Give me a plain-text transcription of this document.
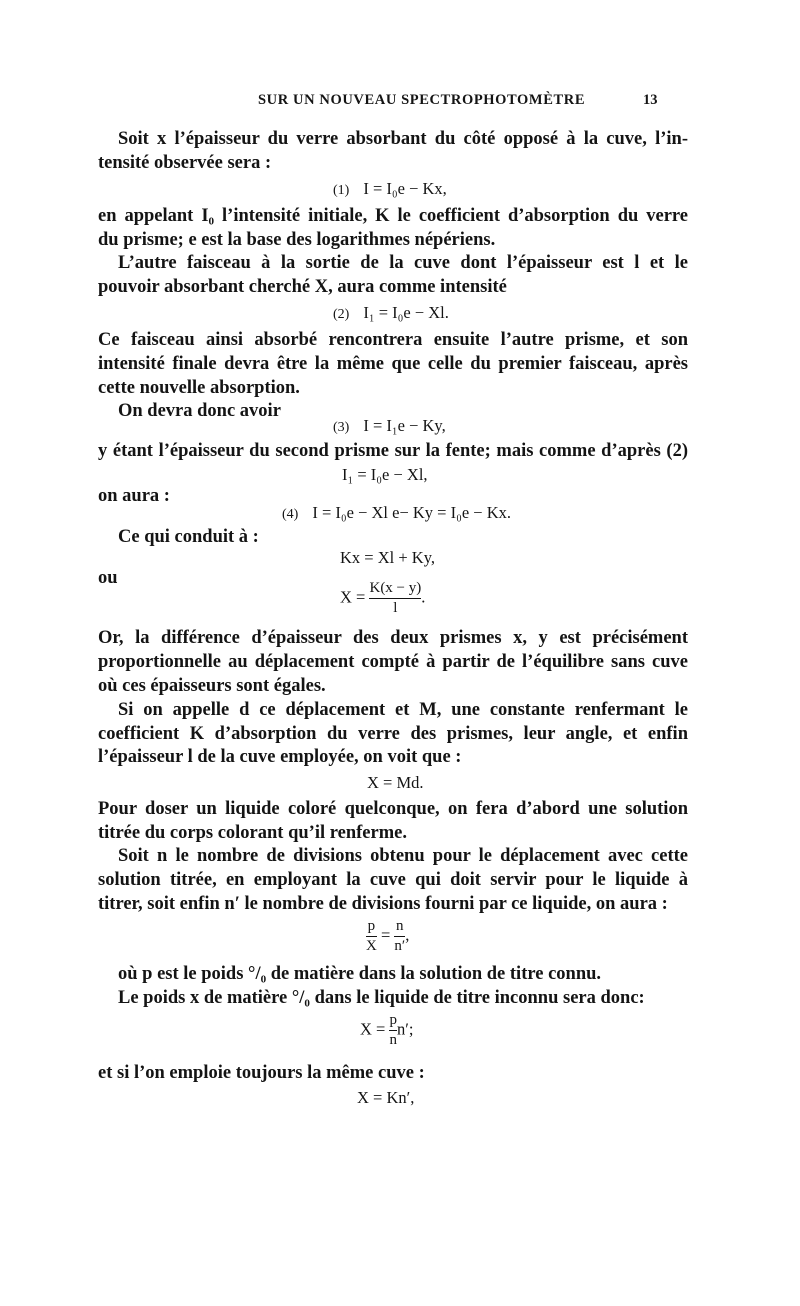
SUR UN NOUVEAU SPECTROPHOTOMÈTRE	13
Soit x l’épaisseur du verre absorbant du côté opposé à la cuve, l’in-
tensité observée sera :
(1) I = I₀e − Kx,
en appelant I₀ l’intensité initiale, K le coefficient d’absorption du verre
du prisme; e est la base des logarithmes népériens.
L’autre faisceau à la sortie de la cuve dont l’épaisseur est l et le
pouvoir absorbant cherché X, aura comme intensité
(2) I₁ = I₀e − Xl.
Ce faisceau ainsi absorbé rencontrera ensuite l’autre prisme, et son
intensité finale devra être la même que celle du premier faisceau, après
cette nouvelle absorption.
On devra donc avoir
(3) I = I₁e − Ky,
y étant l’épaisseur du second prisme sur la fente; mais comme d’après (2)
I₁ = I₀e − Xl,
on aura :
(4) I = I₀e − Xl e− Ky = I₀e − Kx.
Ce qui conduit à :
Kx = Xl + Ky,
ou
$X = \frac{K(x - y)}{l}$ .
Or, la différence d’épaisseur des deux prismes x, y est précisément
proportionnelle au déplacement compté à partir de l’équilibre sans cuve
où ces épaisseurs sont égales.
Si on appelle d ce déplacement et M, une constante renfermant le
coefficient K d’absorption du verre des prismes, leur angle, et enfin
l’épaisseur l de la cuve employée, on voit que :
X = Md.
Pour doser un liquide coloré quelconque, on fera d’abord une solution
titrée du corps colorant qu’il renferme.
Soit n le nombre de divisions obtenu pour le déplacement avec cette
solution titrée, en employant la cuve qui doit servir pour le liquide à
titrer, soit enfin n′ le nombre de divisions fourni par ce liquide, on aura :
$\frac{p}{X} = \frac{n}{n'}$ ,
où p est le poids °/₀ de matière dans la solution de titre connu.
Le poids x de matière °/₀ dans le liquide de titre inconnu sera donc:
$X = \frac{p}{n} n'$;
et si l’on emploie toujours la même cuve :
X = Kn′,
